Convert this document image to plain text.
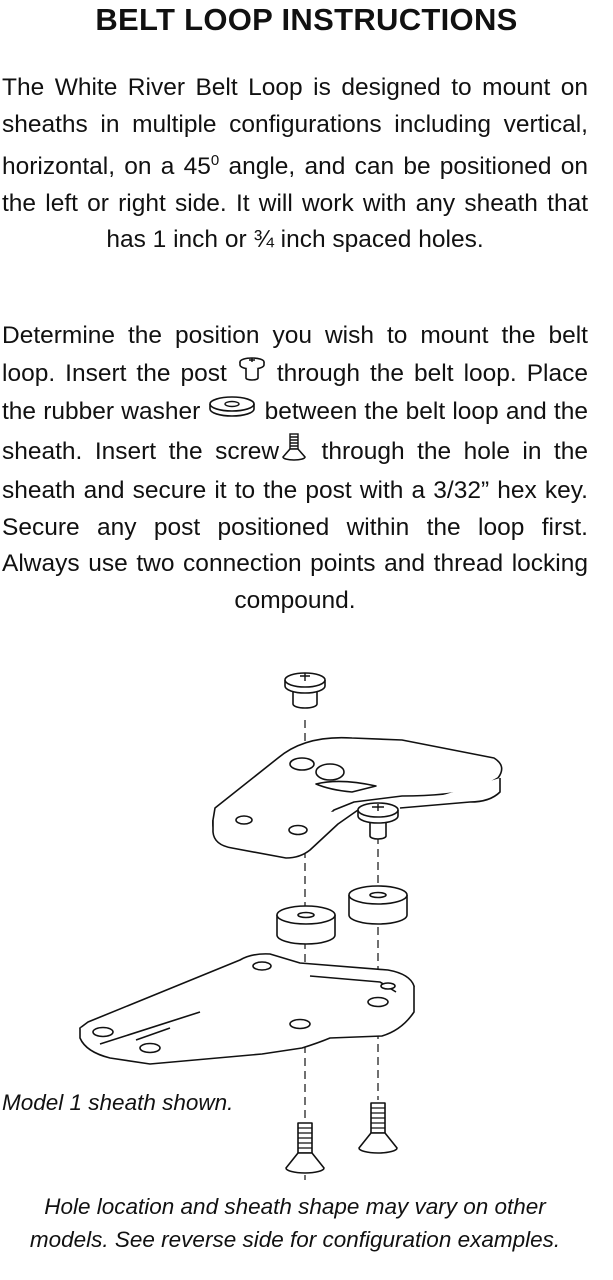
BELT LOOP INSTRUCTIONS
The White River Belt Loop is designed to mount on sheaths in multiple configurations including vertical, horizontal, on a $45^0$ angle, and can be positioned on the left or right side. It will work with any sheath that has 1 inch or ¾ inch spaced holes.
Determine the position you wish to mount the belt loop. Insert the post  through the belt loop. Place the rubber washer  between the belt loop and the sheath. Insert the screw through the hole in the sheath and secure it to the post with a 3/32” hex key. Secure any post positioned within the loop first. Always use two connection points and thread locking compound.
Model 1 sheath shown.
Hole location and sheath shape may vary on other models. See reverse side for configuration examples.
